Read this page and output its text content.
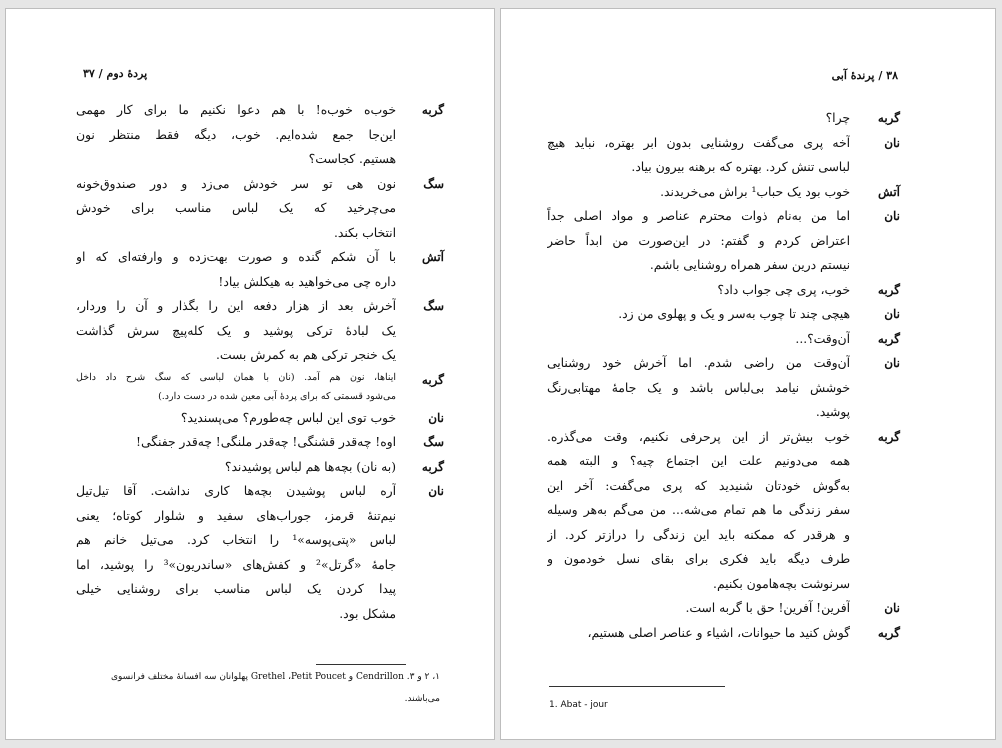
پردهٔ دوم / ۳۷
گربه
خوب‌ه خوب‌ه! با هم دعوا نکنیم ما برای کار مهمی
این‌جا جمع شده‌ایم. خوب، دیگه فقط منتظر نون
هستیم. کجاست؟
سگ
نون هی تو سر خودش می‌زد و دور صندوق‌خونه
می‌چرخید که یک لباس مناسب برای خودش
انتخاب بکند.
آتش
با آن شکم گنده و صورت بهت‌زده و وارفته‌ای که او
داره چی می‌خواهید به هیکلش بیاد!
سگ
آخرش بعد از هزار دفعه این را بگذار و آن را وردار،
یک لبادهٔ ترکی پوشید و یک کله‌پیچ سرش گذاشت
یک خنجر ترکی هم به کمرش بست.
گربه
اینا‌ها، نون هم آمد. (نان با همان لباسی که سگ شرح داد داخل
می‌شود قسمتی که برای پردهٔ آبی معین شده در دست دارد.)
نان
خوب توی این لباس چه‌طورم؟ می‌پسندید؟
سگ
اوه! چه‌قدر قشنگی! چه‌قدر ملنگی! چه‌قدر جفنگی!
گربه
(به نان) بچه‌ها هم لباس پوشیدند؟
نان
آره لباس پوشیدن بچه‌ها کاری نداشت. آقا تیل‌تیل
نیم‌تنهٔ قرمز، جوراب‌های سفید و شلوار کوتاه؛ یعنی
لباس «پتی‌پوسه»¹ را انتخاب کرد. می‌تیل خانم هم
جامهٔ «گرتل»² و کفش‌های «ساندریون»³ را پوشید، اما
پیدا کردن یک لباس مناسب برای روشنایی خیلی
مشکل بود.
۱، ۲ و ۳. Cendrillon و Grethel ،Petit Poucet پهلوانان سه افسانهٔ مختلف فرانسوی
می‌باشند.
۳۸ / پرندهٔ آبی
گربه
چرا؟
نان
آخه پری می‌گفت روشنایی بدون ابر بهتره، نباید هیچ
لباسی تنش کرد. بهتره که برهنه بیرون بیاد.
آتش
خوب بود یک حباب¹ براش می‌خریدند.
نان
اما من به‌نام ذوات محترم عناصر و مواد اصلی جداً
اعتراض کردم و گفتم: در این‌صورت من ابداً حاضر
نیستم درین سفر همراه روشنایی باشم.
گربه
خوب، پری چی جواب داد؟
نان
هیچی چند تا چوب به‌سر و یک و پهلوی من زد.
گربه
آن‌وقت؟...
نان
آن‌وقت من راضی شدم. اما آخرش خود روشنایی
خوشش نیامد بی‌لباس باشد و یک جامهٔ مهتابی‌رنگ
پوشید.
گربه
خوب بیش‌تر از این پرحرفی نکنیم، وقت می‌گذره.
همه می‌دونیم علت این اجتماع چیه؟ و البته همه
به‌گوش خودتان شنیدید که پری می‌گفت: آخر این
سفر زندگی ما هم تمام می‌شه... من می‌گم به‌هر وسیله
و هرقدر که ممکنه باید این زندگی را درازتر کرد. از
طرف دیگه باید فکری برای بقای نسل خودمون و
سرنوشت بچه‌هامون بکنیم.
نان
آفرین! آفرین! حق با گربه است.
گربه
گوش کنید ما حیوانات، اشیاء و عناصر اصلی هستیم،
1. Abat - jour
